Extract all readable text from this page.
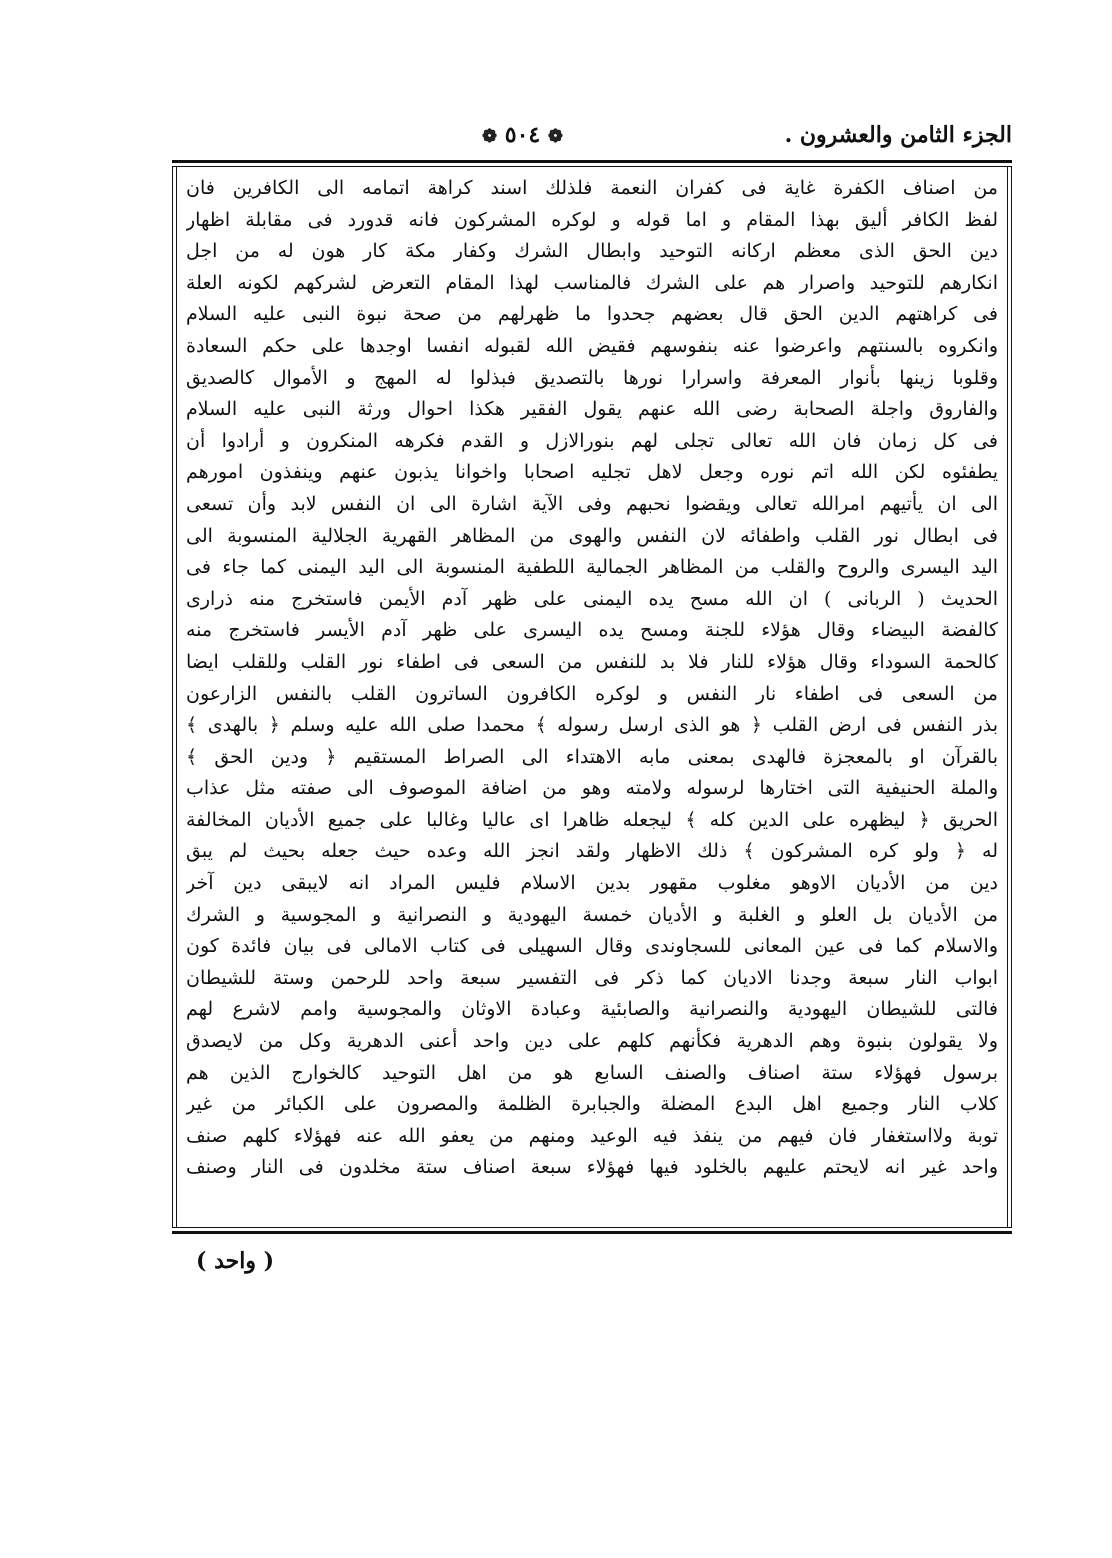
الجزء الثامن والعشرون .
❁ ٥٠٤ ❁
من اصناف الكفرة غاية فى كفران النعمة فلذلك اسند كراهة اتمامه الى الكافرين فان
لفظ الكافر أليق بهذا المقام و اما قوله و لوكره المشركون فانه قدورد فى مقابلة اظهار
دين الحق الذى معظم اركانه التوحيد وابطال الشرك وكفار مكة كار هون له من اجل
انكارهم للتوحيد واصرار هم على الشرك فالمناسب لهذا المقام التعرض لشركهم لكونه العلة
فى كراهتهم الدين الحق قال بعضهم جحدوا ما ظهرلهم من صحة نبوة النبى عليه السلام
وانكروه بالسنتهم واعرضوا عنه بنفوسهم فقيض الله لقبوله انفسا اوجدها على حكم السعادة
وقلوبا زينها بأنوار المعرفة واسرارا نورها بالتصديق فبذلوا له المهج و الأموال كالصديق
والفاروق واجلة الصحابة رضى الله عنهم يقول الفقير هكذا احوال ورثة النبى عليه السلام
فى كل زمان فان الله تعالى تجلى لهم بنورالازل و القدم فكرهه المنكرون و أرادوا أن
يطفئوه لكن الله اتم نوره وجعل لاهل تجليه اصحابا واخوانا يذبون عنهم وينفذون امورهم
الى ان يأتيهم امرالله تعالى ويقضوا نحبهم وفى الآية اشارة الى ان النفس لابد وأن تسعى
فى ابطال نور القلب واطفائه لان النفس والهوى من المظاهر القهرية الجلالية المنسوبة الى
اليد اليسرى والروح والقلب من المظاهر الجمالية اللطفية المنسوبة الى اليد اليمنى كما جاء فى
الحديث ( الربانى ) ان الله مسح يده اليمنى على ظهر آدم الأيمن فاستخرج منه ذرارى
كالفضة البيضاء وقال هؤلاء للجنة ومسح يده اليسرى على ظهر آدم الأيسر فاستخرج منه
كالحمة السوداء وقال هؤلاء للنار فلا بد للنفس من السعى فى اطفاء نور القلب وللقلب ايضا
من السعى فى اطفاء نار النفس و لوكره الكافرون الساترون القلب بالنفس الزارعون
بذر النفس فى ارض القلب ﴿ هو الذى ارسل رسوله ﴾ محمدا صلى الله عليه وسلم ﴿ بالهدى ﴾
بالقرآن او بالمعجزة فالهدى بمعنى مابه الاهتداء الى الصراط المستقيم ﴿ ودين الحق ﴾
والملة الحنيفية التى اختارها لرسوله ولامته وهو من اضافة الموصوف الى صفته مثل عذاب
الحريق ﴿ ليظهره على الدين كله ﴾ ليجعله ظاهرا اى عاليا وغالبا على جميع الأديان المخالفة
له ﴿ ولو كره المشركون ﴾ ذلك الاظهار ولقد انجز الله وعده حيث جعله بحيث لم يبق
دين من الأديان الاوهو مغلوب مقهور بدين الاسلام فليس المراد انه لايبقى دين آخر
من الأديان بل العلو و الغلبة و الأديان خمسة اليهودية و النصرانية و المجوسية و الشرك
والاسلام كما فى عين المعانى للسجاوندى وقال السهيلى فى كتاب الامالى فى بيان فائدة كون
ابواب النار سبعة وجدنا الاديان كما ذكر فى التفسير سبعة واحد للرحمن وستة للشيطان
فالتى للشيطان اليهودية والنصرانية والصابئية وعبادة الاوثان والمجوسية وامم لاشرع لهم
ولا يقولون بنبوة وهم الدهرية فكأنهم كلهم على دين واحد أعنى الدهرية وكل من لايصدق
برسول فهؤلاء ستة اصناف والصنف السابع هو من اهل التوحيد كالخوارج الذين هم
كلاب النار وجميع اهل البدع المضلة والجبابرة الظلمة والمصرون على الكبائر من غير
توبة ولااستغفار فان فيهم من ينفذ فيه الوعيد ومنهم من يعفو الله عنه فهؤلاء كلهم صنف
واحد غير انه لايحتم عليهم بالخلود فيها فهؤلاء سبعة اصناف ستة مخلدون فى النار وصنف
( واحد )
